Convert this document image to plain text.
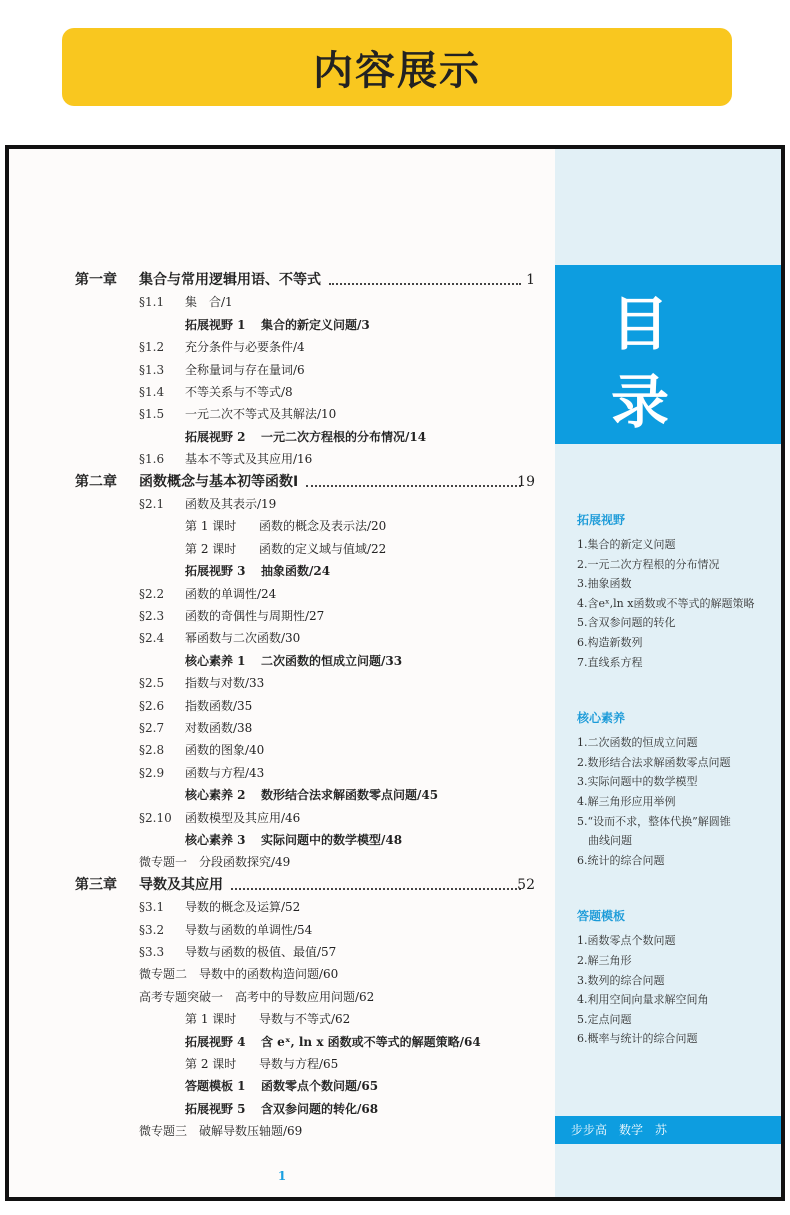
内容展示
第一章 集合与常用逻辑用语、不等式	1
§1.1 集　合/1
拓展视野 1 集合的新定义问题/3
§1.2 充分条件与必要条件/4
§1.3 全称量词与存在量词/6
§1.4 不等关系与不等式/8
§1.5 一元二次不等式及其解法/10
拓展视野 2 一元二次方程根的分布情况/14
§1.6 基本不等式及其应用/16
第二章 函数概念与基本初等函数Ⅰ	19
§2.1 函数及其表示/19
第 1 课时 函数的概念及表示法/20
第 2 课时 函数的定义域与值域/22
拓展视野 3 抽象函数/24
§2.2 函数的单调性/24
§2.3 函数的奇偶性与周期性/27
§2.4 幂函数与二次函数/30
核心素养 1 二次函数的恒成立问题/33
§2.5 指数与对数/33
§2.6 指数函数/35
§2.7 对数函数/38
§2.8 函数的图象/40
§2.9 函数与方程/43
核心素养 2 数形结合法求解函数零点问题/45
§2.10 函数模型及其应用/46
核心素养 3 实际问题中的数学模型/48
微专题一　分段函数探究/49
第三章 导数及其应用	52
§3.1 导数的概念及运算/52
§3.2 导数与函数的单调性/54
§3.3 导数与函数的极值、最值/57
微专题二　导数中的函数构造问题/60
高考专题突破一　高考中的导数应用问题/62
第 1 课时 导数与不等式/62
拓展视野 4 含 eˣ, ln x 函数或不等式的解题策略/64
第 2 课时 导数与方程/65
答题模板 1 函数零点个数问题/65
拓展视野 5 含双参问题的转化/68
微专题三　破解导数压轴题/69
1
目
录
步步高　数学　苏
拓展视野
1.集合的新定义问题
2.一元二次方程根的分布情况
3.抽象函数
4.含eˣ,ln x函数或不等式的解题策略
5.含双参问题的转化
6.构造新数列
7.直线系方程
核心素养
1.二次函数的恒成立问题
2.数形结合法求解函数零点问题
3.实际问题中的数学模型
4.解三角形应用举例
5.“设而不求，整体代换”解圆锥
　曲线问题
6.统计的综合问题
答题模板
1.函数零点个数问题
2.解三角形
3.数列的综合问题
4.利用空间向量求解空间角
5.定点问题
6.概率与统计的综合问题
